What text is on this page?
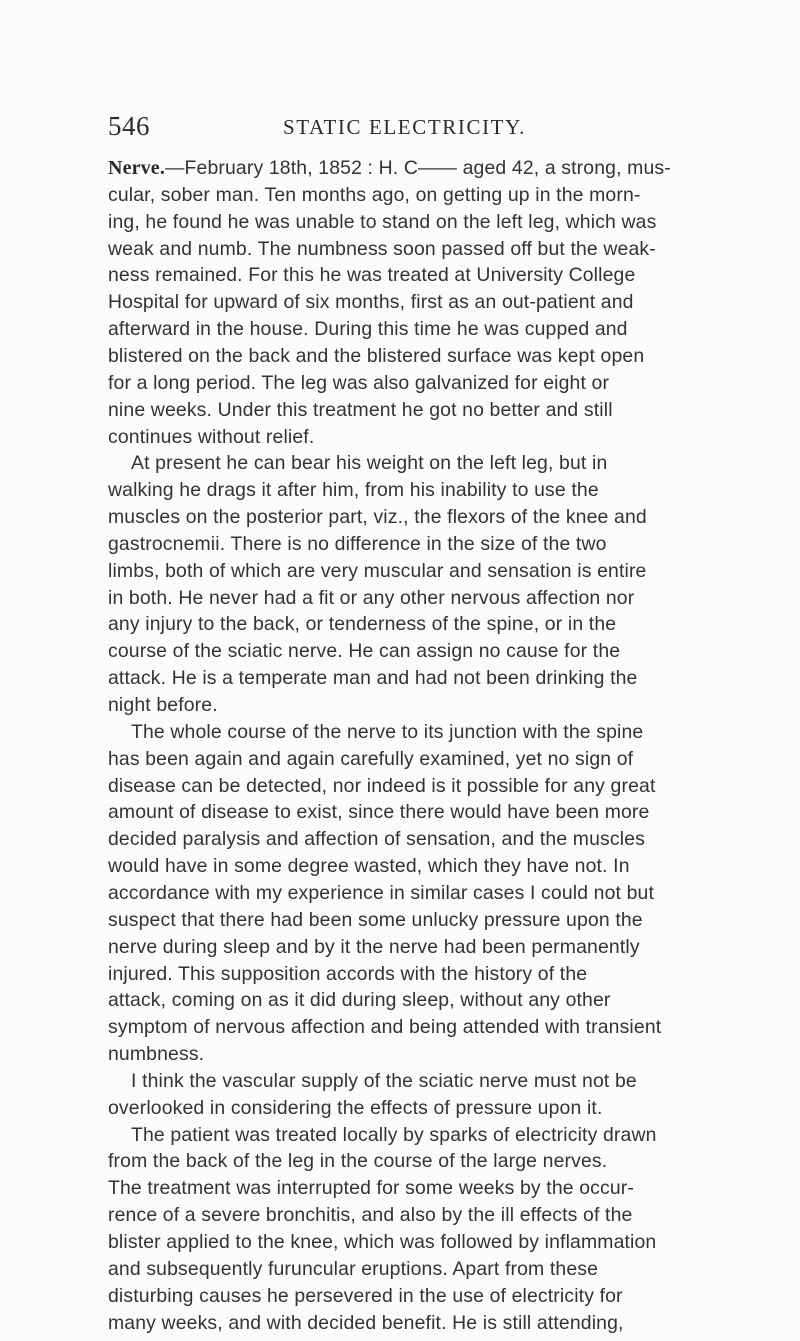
546	STATIC ELECTRICITY.
Nerve.—February 18th, 1852 : H. C—— aged 42, a strong, mus-
cular, sober man. Ten months ago, on getting up in the morn-
ing, he found he was unable to stand on the left leg, which was
weak and numb. The numbness soon passed off but the weak-
ness remained. For this he was treated at University College
Hospital for upward of six months, first as an out-patient and
afterward in the house. During this time he was cupped and
blistered on the back and the blistered surface was kept open
for a long period. The leg was also galvanized for eight or
nine weeks. Under this treatment he got no better and still
continues without relief.
At present he can bear his weight on the left leg, but in
walking he drags it after him, from his inability to use the
muscles on the posterior part, viz., the flexors of the knee and
gastrocnemii. There is no difference in the size of the two
limbs, both of which are very muscular and sensation is entire
in both. He never had a fit or any other nervous affection nor
any injury to the back, or tenderness of the spine, or in the
course of the sciatic nerve. He can assign no cause for the
attack. He is a temperate man and had not been drinking the
night before.
The whole course of the nerve to its junction with the spine
has been again and again carefully examined, yet no sign of
disease can be detected, nor indeed is it possible for any great
amount of disease to exist, since there would have been more
decided paralysis and affection of sensation, and the muscles
would have in some degree wasted, which they have not. In
accordance with my experience in similar cases I could not but
suspect that there had been some unlucky pressure upon the
nerve during sleep and by it the nerve had been permanently
injured. This supposition accords with the history of the
attack, coming on as it did during sleep, without any other
symptom of nervous affection and being attended with transient
numbness.
I think the vascular supply of the sciatic nerve must not be
overlooked in considering the effects of pressure upon it.
The patient was treated locally by sparks of electricity drawn
from the back of the leg in the course of the large nerves.
The treatment was interrupted for some weeks by the occur-
rence of a severe bronchitis, and also by the ill effects of the
blister applied to the knee, which was followed by inflammation
and subsequently furuncular eruptions. Apart from these
disturbing causes he persevered in the use of electricity for
many weeks, and with decided benefit. He is still attending,
